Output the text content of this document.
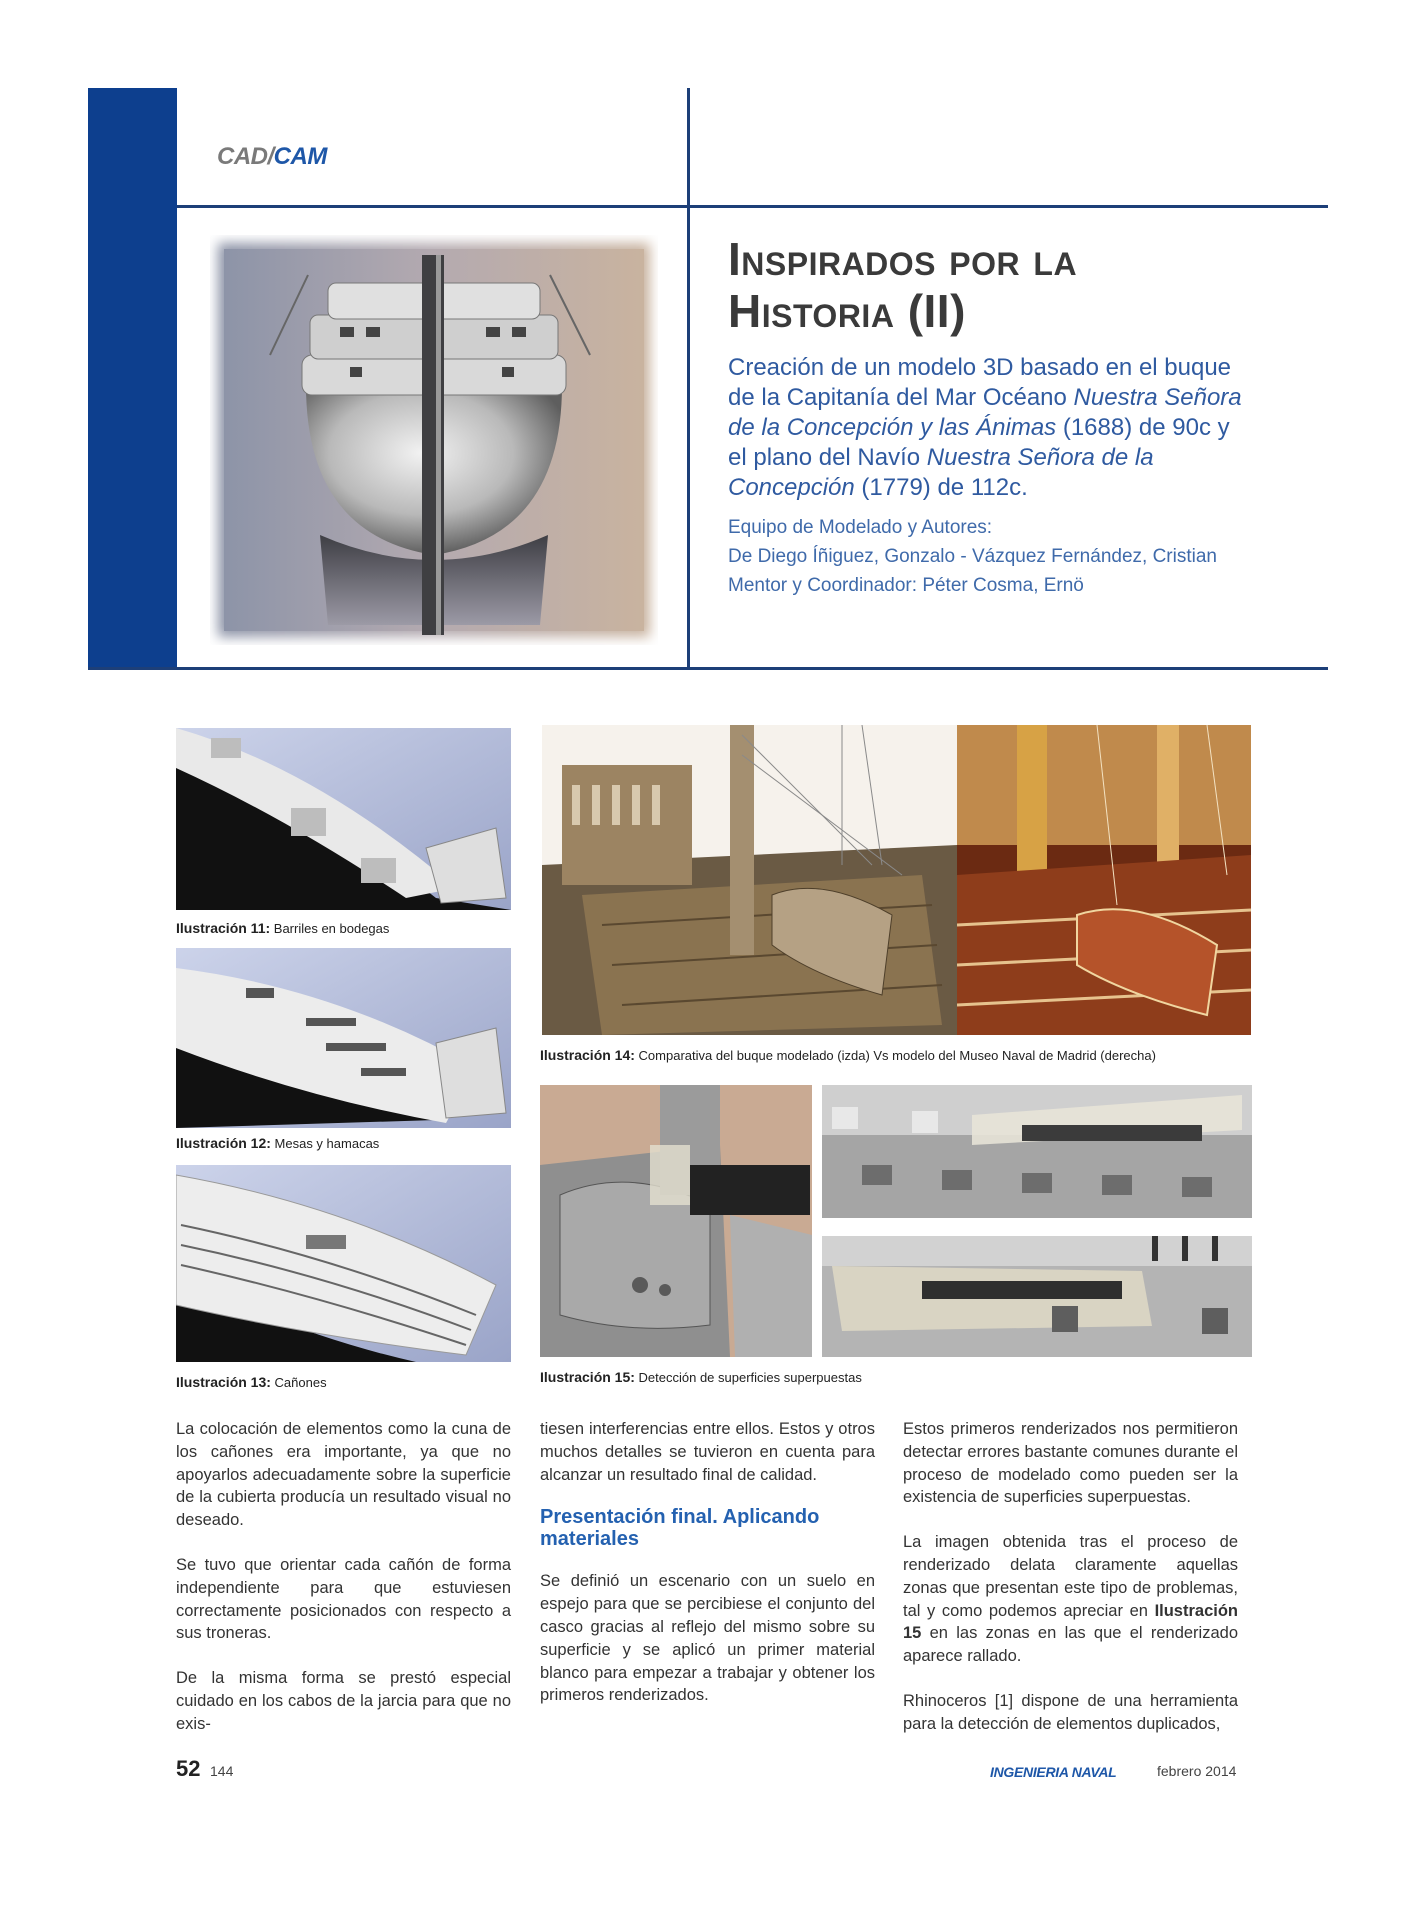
CAD/CAM
Inspirados por la
Historia (II)
Creación de un modelo 3D basado en el buque de la Capitanía del Mar Océano Nuestra Señora de la Concepción y las Ánimas (1688) de 90c y el plano del Navío Nuestra Señora de la Concepción (1779) de 112c.
Equipo de Modelado y Autores:
De Diego Íñiguez, Gonzalo - Vázquez Fernández, Cristian
Mentor y Coordinador: Péter Cosma, Ernö
Ilustración 11: Barriles en bodegas
Ilustración 12: Mesas y hamacas
Ilustración 13: Cañones
Ilustración 14: Comparativa del buque modelado (izda) Vs modelo del Museo Naval de Madrid (derecha)
Ilustración 15: Detección de superficies superpuestas

La colocación de elementos como la cuna de los cañones era importante, ya que no apoyarlos adecuadamente sobre la superficie de la cubierta producía un resultado visual no deseado.

Se tuvo que orientar cada cañón de forma independiente para que estuviesen correctamente posicionados con respecto a sus troneras.

De la misma forma se prestó especial cuidado en los cabos de la jarcia para que no exis-

tiesen interferencias entre ellos. Estos y otros muchos detalles se tuvieron en cuenta para alcanzar un resultado final de calidad.

Presentación final. Aplicando materiales

Se definió un escenario con un suelo en espejo para que se percibiese el conjunto del casco gracias al reflejo del mismo sobre su superficie y se aplicó un primer material blanco para empezar a trabajar y obtener los primeros renderizados.

Estos primeros renderizados nos permitieron detectar errores bastante comunes durante el proceso de modelado como pueden ser la existencia de superficies superpuestas.

La imagen obtenida tras el proceso de renderizado delata claramente aquellas zonas que presentan este tipo de problemas, tal y como podemos apreciar en Ilustración 15 en las zonas en las que el renderizado aparece rallado.

Rhinoceros [1] dispone de una herramienta para la detección de elementos duplicados,

52 144	INGENIERIA NAVAL	febrero 2014
